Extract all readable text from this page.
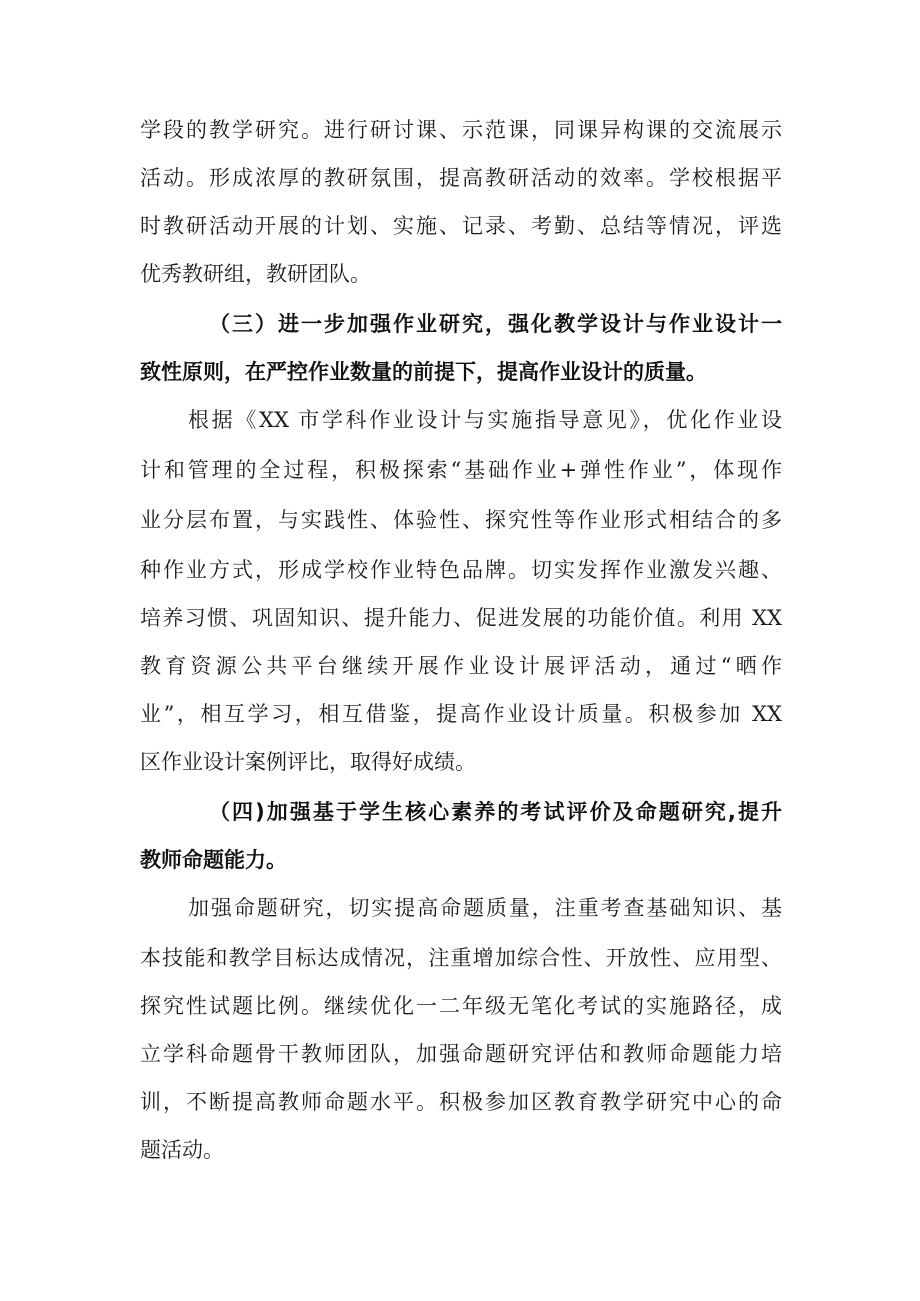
学段的教学研究。进行研讨课、示范课，同课异构课的交流展示
活动。形成浓厚的教研氛围，提高教研活动的效率。学校根据平
时教研活动开展的计划、实施、记录、考勤、总结等情况，评选
优秀教研组，教研团队。
（三）进一步加强作业研究，强化教学设计与作业设计一
致性原则，在严控作业数量的前提下，提高作业设计的质量。
根据《XX 市学科作业设计与实施指导意见》，优化作业设
计和管理的全过程，积极探索“基础作业+弹性作业”，体现作
业分层布置，与实践性、体验性、探究性等作业形式相结合的多
种作业方式，形成学校作业特色品牌。切实发挥作业激发兴趣、
培养习惯、巩固知识、提升能力、促进发展的功能价值。利用 XX
教育资源公共平台继续开展作业设计展评活动，通过“晒作
业”，相互学习，相互借鉴，提高作业设计质量。积极参加 XX
区作业设计案例评比，取得好成绩。
（四)加强基于学生核心素养的考试评价及命题研究,提升
教师命题能力。
加强命题研究，切实提高命题质量，注重考查基础知识、基
本技能和教学目标达成情况，注重增加综合性、开放性、应用型、
探究性试题比例。继续优化一二年级无笔化考试的实施路径，成
立学科命题骨干教师团队，加强命题研究评估和教师命题能力培
训，不断提高教师命题水平。积极参加区教育教学研究中心的命
题活动。
